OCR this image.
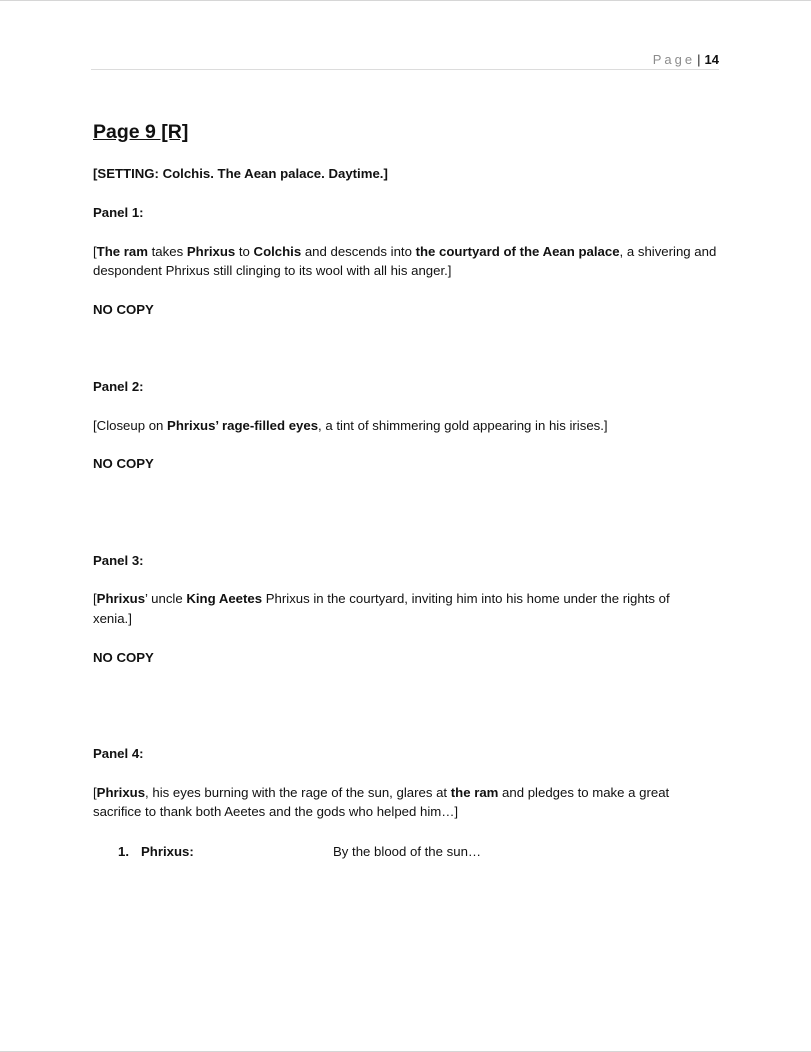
Page | 14
Page 9 [R]

[SETTING: Colchis. The Aean palace. Daytime.]

Panel 1:

[The ram takes Phrixus to Colchis and descends into the courtyard of the Aean palace, a shivering and

despondent Phrixus still clinging to its wool with all his anger.]

NO COPY

Panel 2:

[Closeup on Phrixus’ rage-filled eyes, a tint of shimmering gold appearing in his irises.]

NO COPY

Panel 3:

[Phrixus’ uncle King Aeetes Phrixus in the courtyard, inviting him into his home under the rights of

xenia.]

NO COPY

Panel 4:

[Phrixus, his eyes burning with the rage of the sun, glares at the ram and pledges to make a great

sacrifice to thank both Aeetes and the gods who helped him…]

1. Phrixus:	By the blood of the sun…
